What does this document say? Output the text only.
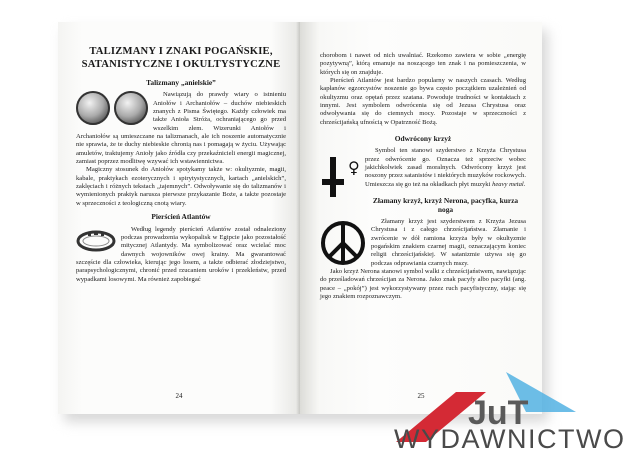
TALIZMANY I ZNAKI POGAŃSKIE, SATANISTYCZNE I OKULTYSTYCZNE
Talizmany „anielskie”

Nawiązują do prawdy wiary o istnieniu Aniołów i Archaniołów – duchów niebieskich znanych z Pisma Świętego. Każdy człowiek ma także Anioła Stróża, ochraniającego go przed wszelkim złem. Wizerunki Aniołów i Archaniołów są umieszczane na talizmanach, ale ich noszenie automatycznie nie sprawia, że te duchy niebieskie chronią nas i pomagają w życiu. Używając amuletów, traktujemy Anioły jako źródła czy przekaźnicieli energii magicznej, zamiast poprzez modlitwę wzywać ich wstawiennictwa.

Magiczny stosunek do Aniołów spotykamy także w: okultyzmie, magii, kabale, praktykach ezoterycznych i spirytystycznych, kartach „anielskich”, zaklęciach i różnych tekstach „tajemnych”. Odwoływanie się do talizmanów i wymienionych praktyk narusza pierwsze przykazanie Boże, a także pozostaje w sprzeczności z teologiczną cnotą wiary.

Pierścień Atlantów

Według legendy pierścień Atlantów został odnaleziony podczas prowadzenia wykopalisk w Egipcie jako pozostałość mitycznej Atlantydy. Ma symbolizować oraz wcielać moc dawnych wojowników owej krainy. Ma gwarantować szczęście dla człowieka, kierując jego losem, a także odbierać złodziejstwo, parapsychologicznymi, chronić przed rzucaniem uroków i przekleństw, przed wypadkami losowymi. Ma również zapobiegać

24

chorobom i nawet od nich uwalniać. Rzekomo zawiera w sobie „energię pozytywną”, którą emanuje na noszącego ten znak i na pomieszczenia, w których się on znajduje.

Pierścień Atlantów jest bardzo popularny w naszych czasach. Według kapłanów egzorcystów noszenie go bywa często początkiem uzależnień od okultyzmu oraz opętań przez szatana. Powoduje trudności w kontaktach z innymi. Jest symbolem odwrócenia się od Jezusa Chrystusa oraz odwoływania się do ciemnych mocy. Pozostaje w sprzeczności z chrześcijańską ufnością w Opatrzność Bożą.

Odwrócony krzyż
♀

Symbol ten stanowi szyderstwo z Krzyża Chrystusa przez odwrócenie go. Oznacza też sprzeciw wobec jakichkolwiek zasad moralnych. Odwrócony krzyż jest noszony przez satanistów i niektórych muzyków rockowych. Umieszcza się go też na okładkach płyt muzyki heavy metal.

Złamany krzyż, krzyż Nerona, pacyfka, kurza noga

Złamany krzyż jest szyderstwem z Krzyża Jezusa Chrystusa i z całego chrześcijaństwa. Złamanie i zwrócenie w dół ramiona krzyża były w okultyzmie pogańskim znakiem czarnej magii, oznaczającym koniec religii chrześcijańskiej. W satanizmie używa się go podczas odprawiania czarnych mszy.

Jako krzyż Nerona stanowi symbol walki z chrześcijaństwem, nawiązując do prześladowań chrześcijan za Nerona. Jako znak pacyfy albo pacyfki (ang. peace – „pokój”) jest wykorzystywany przez ruch pacyfistyczny, stając się jego znakiem rozpoznawczym.

25	JuT
WYDAWNICTWO
